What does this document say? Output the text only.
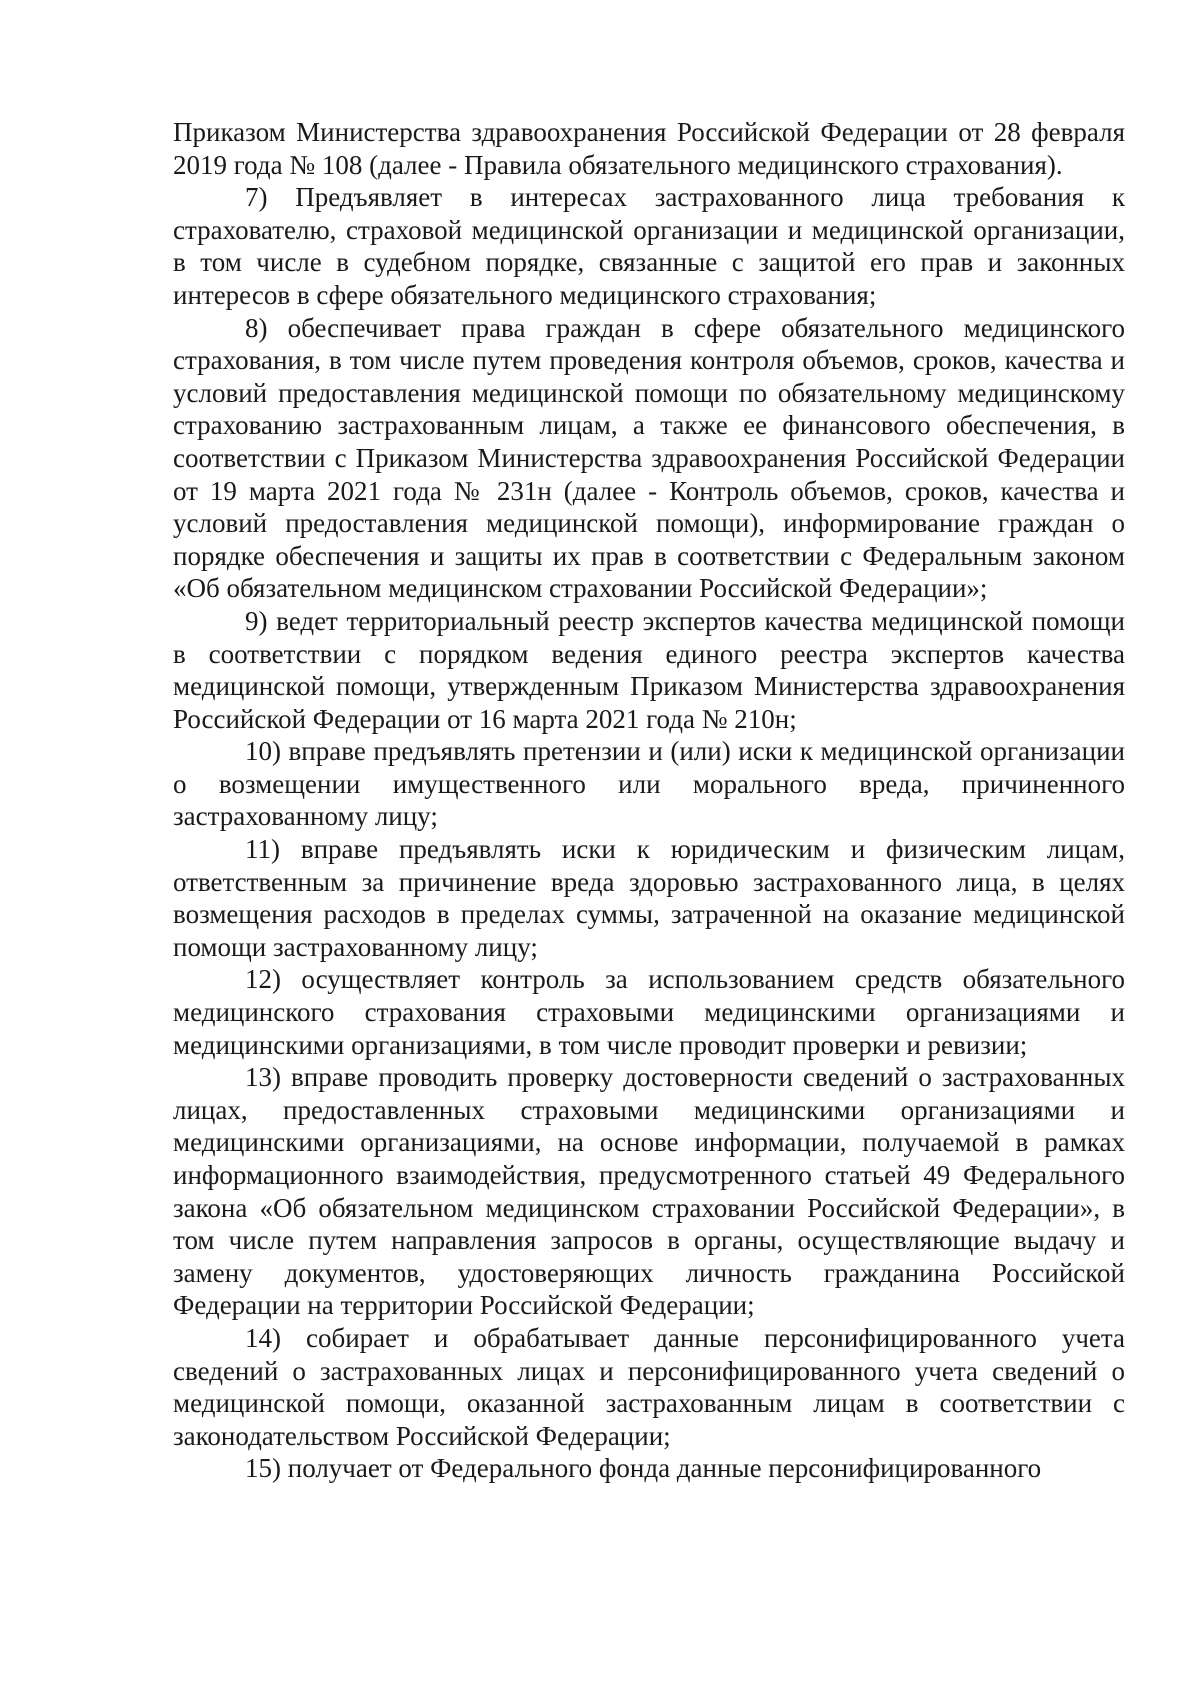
Приказом Министерства здравоохранения Российской Федерации от 28 февраля 2019 года № 108 (далее - Правила обязательного медицинского страхования).

7) Предъявляет в интересах застрахованного лица требования к страхователю, страховой медицинской организации и медицинской организации, в том числе в судебном порядке, связанные с защитой его прав и законных интересов в сфере обязательного медицинского страхования;

8) обеспечивает права граждан в сфере обязательного медицинского страхования, в том числе путем проведения контроля объемов, сроков, качества и условий предоставления медицинской помощи по обязательному медицинскому страхованию застрахованным лицам, а также ее финансового обеспечения, в соответствии с Приказом Министерства здравоохранения Российской Федерации от 19 марта 2021 года № 231н (далее - Контроль объемов, сроков, качества и условий предоставления медицинской помощи), информирование граждан о порядке обеспечения и защиты их прав в соответствии с Федеральным законом «Об обязательном медицинском страховании Российской Федерации»;

9) ведет территориальный реестр экспертов качества медицинской помощи в соответствии с порядком ведения единого реестра экспертов качества медицинской помощи, утвержденным Приказом Министерства здравоохранения Российской Федерации от 16 марта 2021 года № 210н;

10) вправе предъявлять претензии и (или) иски к медицинской организации о возмещении имущественного или морального вреда, причиненного застрахованному лицу;

11) вправе предъявлять иски к юридическим и физическим лицам, ответственным за причинение вреда здоровью застрахованного лица, в целях возмещения расходов в пределах суммы, затраченной на оказание медицинской помощи застрахованному лицу;

12) осуществляет контроль за использованием средств обязательного медицинского страхования страховыми медицинскими организациями и медицинскими организациями, в том числе проводит проверки и ревизии;

13) вправе проводить проверку достоверности сведений о застрахованных лицах, предоставленных страховыми медицинскими организациями и медицинскими организациями, на основе информации, получаемой в рамках информационного взаимодействия, предусмотренного статьей 49 Федерального закона «Об обязательном медицинском страховании Российской Федерации», в том числе путем направления запросов в органы, осуществляющие выдачу и замену документов, удостоверяющих личность гражданина Российской Федерации на территории Российской Федерации;

14) собирает и обрабатывает данные персонифицированного учета сведений о застрахованных лицах и персонифицированного учета сведений о медицинской помощи, оказанной застрахованным лицам в соответствии с законодательством Российской Федерации;

15) получает от Федерального фонда данные персонифицированного
